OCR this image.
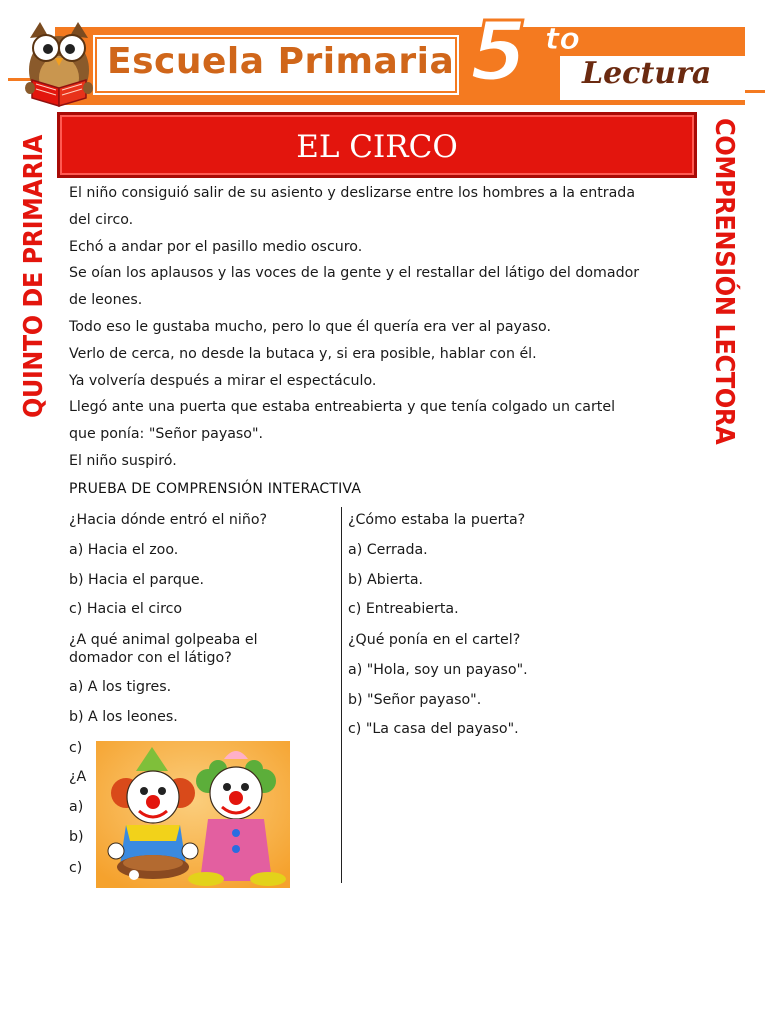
Escuela Primaria	Lectura
5 to
EL CIRCO
QUINTO DE PRIMARIA	COMPRENSIÓN LECTORA

El niño consiguió salir de su asiento y deslizarse entre los hombres a la entrada

del circo.

Echó a andar por el pasillo medio oscuro.

Se oían los aplausos y las voces de la gente y el restallar del látigo del domador

de leones.

Todo eso le gustaba mucho, pero lo que él quería era ver al payaso.

Verlo de cerca, no desde la butaca y, si era posible, hablar con él.

Ya volvería después a mirar el espectáculo.

Llegó ante una puerta que estaba entreabierta y que tenía colgado un cartel

que ponía: "Señor payaso".

El niño suspiró.

PRUEBA DE COMPRENSIÓN INTERACTIVA
¿Hacia dónde entró el niño?
a) Hacia el zoo.
b) Hacia el parque.
c) Hacia el circo
¿A qué animal golpeaba el
domador con el látigo?
a) A los tigres.
b) A los leones.
c)
¿A
a)
b)
c)
¿Cómo estaba la puerta?
a) Cerrada.
b) Abierta.
c) Entreabierta.
¿Qué ponía en el cartel?
a) "Hola, soy un payaso".
b) "Señor payaso".
c) "La casa del payaso".
